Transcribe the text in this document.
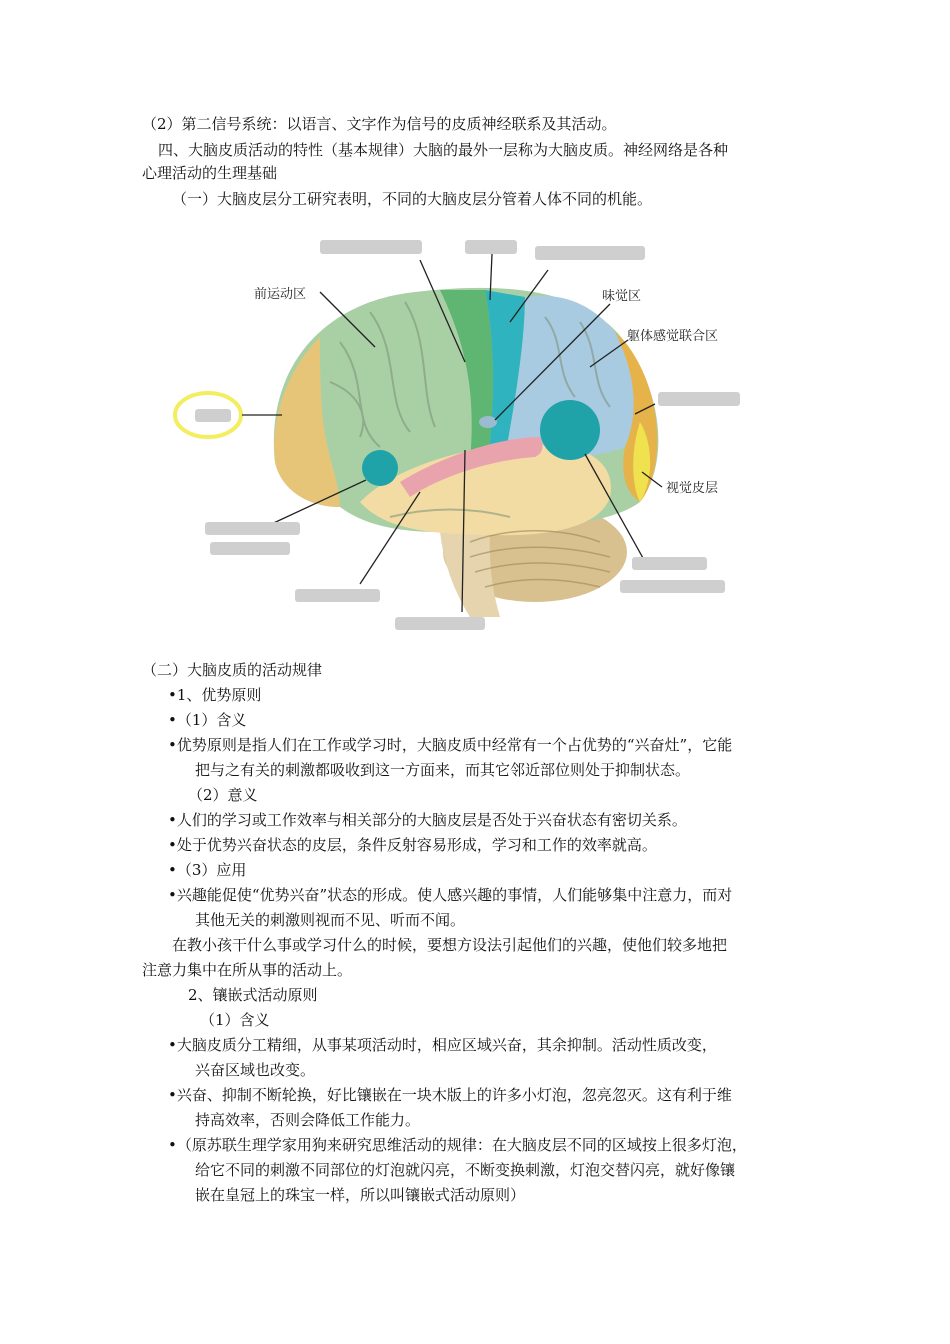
（2）第二信号系统：以语言、文字作为信号的皮质神经联系及其活动。
四、大脑皮质活动的特性（基本规律）大脑的最外一层称为大脑皮质。神经网络是各种
心理活动的生理基础
（一）大脑皮层分工研究表明，不同的大脑皮层分管着人体不同的机能。
前运动区	味觉区
躯体感觉联合区
视觉皮层
（二）大脑皮质的活动规律
•1、优势原则
•（1）含义
•优势原则是指人们在工作或学习时，大脑皮质中经常有一个占优势的“兴奋灶”，它能
把与之有关的刺激都吸收到这一方面来，而其它邻近部位则处于抑制状态。
（2）意义
•人们的学习或工作效率与相关部分的大脑皮层是否处于兴奋状态有密切关系。
•处于优势兴奋状态的皮层，条件反射容易形成，学习和工作的效率就高。
•（3）应用
•兴趣能促使“优势兴奋”状态的形成。使人感兴趣的事情，人们能够集中注意力，而对
其他无关的刺激则视而不见、听而不闻。
在教小孩干什么事或学习什么的时候，要想方设法引起他们的兴趣，使他们较多地把
注意力集中在所从事的活动上。
2、镶嵌式活动原则
（1）含义
•大脑皮质分工精细，从事某项活动时，相应区域兴奋，其余抑制。活动性质改变，
兴奋区域也改变。
•兴奋、抑制不断轮换，好比镶嵌在一块木版上的许多小灯泡，忽亮忽灭。这有利于维
持高效率，否则会降低工作能力。
•（原苏联生理学家用狗来研究思维活动的规律：在大脑皮层不同的区域按上很多灯泡，
给它不同的刺激不同部位的灯泡就闪亮，不断变换刺激，灯泡交替闪亮，就好像镶
嵌在皇冠上的珠宝一样，所以叫镶嵌式活动原则）
